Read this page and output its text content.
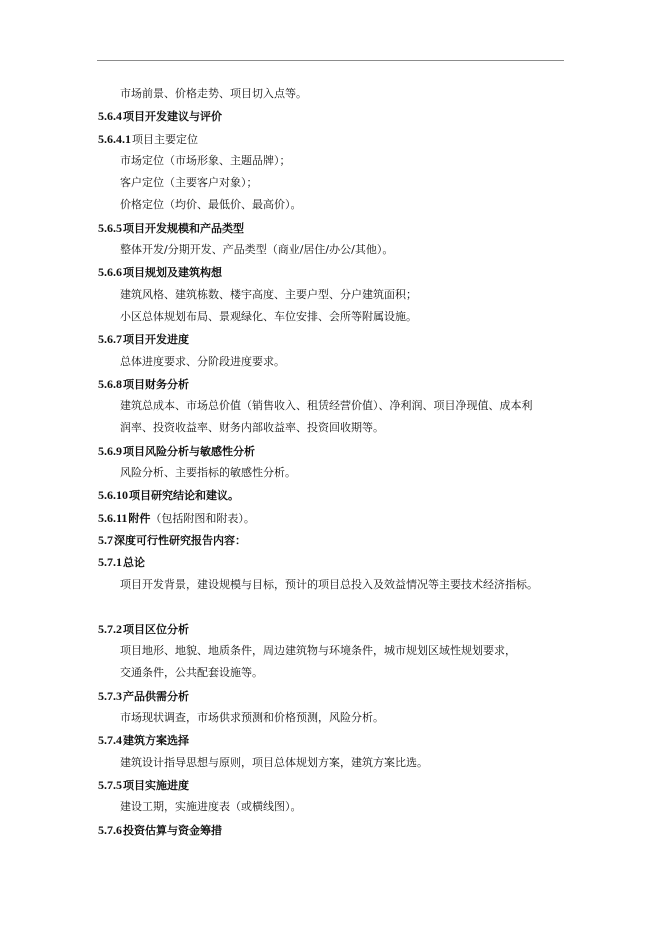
市场前景、价格走势、项目切入点等。
5.6.4项目开发建议与评价
5.6.4.1项目主要定位
市场定位（市场形象、主题品牌）；
客户定位（主要客户对象）；
价格定位（均价、最低价、最高价）。
5.6.5项目开发规模和产品类型
整体开发/分期开发、产品类型（商业/居住/办公/其他）。
5.6.6项目规划及建筑构想
建筑风格、建筑栋数、楼宇高度、主要户型、分户建筑面积；
小区总体规划布局、景观绿化、车位安排、会所等附属设施。
5.6.7项目开发进度
总体进度要求、分阶段进度要求。
5.6.8项目财务分析
建筑总成本、市场总价值（销售收入、租赁经营价值）、净利润、项目净现值、成本利
润率、投资收益率、财务内部收益率、投资回收期等。
5.6.9项目风险分析与敏感性分析
风险分析、主要指标的敏感性分析。
5.6.10项目研究结论和建议。
5.6.11附件（包括附图和附表）。
5.7深度可行性研究报告内容：
5.7.1总论
项目开发背景，建设规模与目标，预计的项目总投入及效益情况等主要技术经济指标。
5.7.2项目区位分析
项目地形、地貌、地质条件，周边建筑物与环境条件，城市规划区域性规划要求，
交通条件，公共配套设施等。
5.7.3产品供需分析
市场现状调查，市场供求预测和价格预测，风险分析。
5.7.4建筑方案选择
建筑设计指导思想与原则，项目总体规划方案，建筑方案比选。
5.7.5项目实施进度
建设工期，实施进度表（或横线图）。
5.7.6投资估算与资金筹措
